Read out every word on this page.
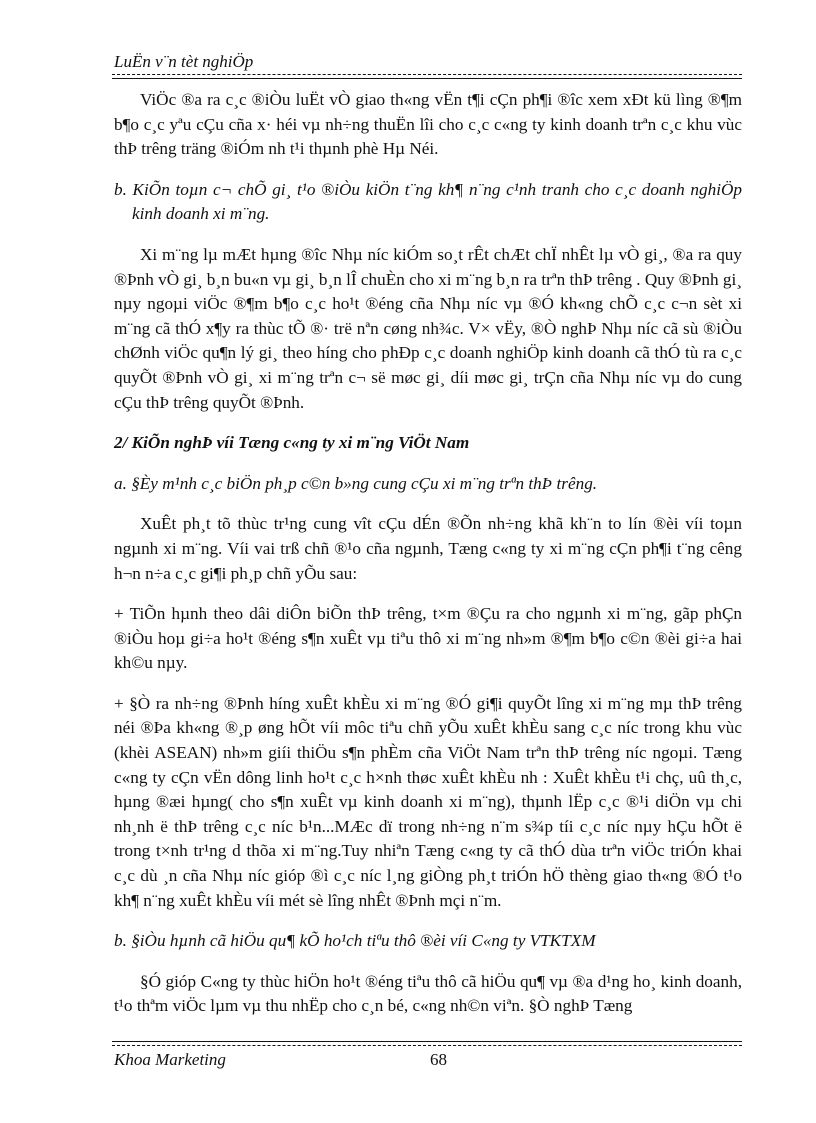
LuËn v¨n tèt nghiÖp

ViÖc ®a ra c¸c ®iÒu luËt vÒ giao th«ng vËn t¶i cÇn ph¶i ®îc xem xÐt kü lìng ®¶m b¶o c¸c yªu cÇu cña x· héi vµ nh÷ng thuËn lîi cho c¸c c«ng ty kinh doanh trªn c¸c khu vùc thÞ trêng träng ®iÓm nh t¹i thµnh phè Hµ Néi.

b. KiÕn toµn c¬ chÕ gi¸ t¹o ®iÒu kiÖn t¨ng kh¶ n¨ng c¹nh tranh cho c¸c doanh nghiÖp kinh doanh xi m¨ng.

Xi m¨ng lµ mÆt hµng ®îc Nhµ níc kiÓm so¸t rÊt chÆt chÏ nhÊt lµ vÒ gi¸, ®a ra quy ®Þnh vÒ gi¸ b¸n bu«n vµ gi¸ b¸n lÎ chuÈn cho xi m¨ng b¸n ra trªn thÞ trêng . Quy ®Þnh gi¸ nµy ngoµi viÖc ®¶m b¶o c¸c ho¹t ®éng cña Nhµ níc vµ ®Ó kh«ng chÕ c¸c c¬n sèt xi m¨ng cã thÓ x¶y ra thùc tÕ ®· trë nªn cøng nh¾c. V× vËy, ®Ò nghÞ Nhµ níc cã sù ®iÒu chØnh viÖc qu¶n lý gi¸ theo híng cho phÐp c¸c doanh nghiÖp kinh doanh cã thÓ tù ra c¸c quyÕt ®Þnh vÒ gi¸ xi m¨ng trªn c¬ së møc gi¸ díi møc gi¸ trÇn cña Nhµ níc vµ do cung cÇu thÞ trêng quyÕt ®Þnh.

2/ KiÕn nghÞ víi Tæng c«ng ty xi m¨ng ViÖt Nam

a. §Èy m¹nh c¸c biÖn ph¸p c©n b»ng cung cÇu xi m¨ng trªn thÞ trêng.

XuÊt ph¸t tõ thùc tr¹ng cung vît cÇu dÉn ®Õn nh÷ng khã kh¨n to lín ®èi víi toµn ngµnh xi m¨ng. Víi vai trß chñ ®¹o cña ngµnh, Tæng c«ng ty xi m¨ng cÇn ph¶i t¨ng cêng h¬n n÷a c¸c gi¶i ph¸p chñ yÕu sau:

+ TiÕn hµnh theo dâi diÔn biÕn thÞ trêng, t×m ®Çu ra cho ngµnh xi m¨ng, gãp phÇn ®iÒu hoµ gi÷a ho¹t ®éng s¶n xuÊt vµ tiªu thô xi m¨ng nh»m ®¶m b¶o c©n ®èi gi÷a hai kh©u nµy.

+ §Ò ra nh÷ng ®Þnh híng xuÊt khÈu xi m¨ng ®Ó gi¶i quyÕt lîng xi m¨ng mµ thÞ trêng néi ®Þa kh«ng ®¸p øng hÕt víi môc tiªu chñ yÕu xuÊt khÈu sang c¸c níc trong khu vùc (khèi ASEAN) nh»m giíi thiÖu s¶n phÈm cña ViÖt Nam trªn thÞ trêng níc ngoµi. Tæng c«ng ty cÇn vËn dông linh ho¹t c¸c h×nh thøc xuÊt khÈu nh : XuÊt khÈu t¹i chç, uû th¸c, hµng ®æi hµng( cho s¶n xuÊt vµ kinh doanh xi m¨ng), thµnh lËp c¸c ®¹i diÖn vµ chi nh¸nh ë thÞ trêng c¸c níc b¹n...MÆc dï trong nh÷ng n¨m s¾p tíi c¸c níc nµy hÇu hÕt ë trong t×nh tr¹ng d thõa xi m¨ng.Tuy nhiªn Tæng c«ng ty cã thÓ dùa trªn viÖc triÓn khai c¸c dù ¸n cña Nhµ níc gióp ®ì c¸c níc l¸ng giÒng ph¸t triÓn hÖ thèng giao th«ng ®Ó t¹o kh¶ n¨ng xuÊt khÈu víi mét sè lîng nhÊt ®Þnh mçi n¨m.

b. §iÒu hµnh cã hiÖu qu¶ kÕ ho¹ch tiªu thô ®èi víi C«ng ty VTKTXM

§Ó gióp C«ng ty thùc hiÖn ho¹t ®éng tiªu thô cã hiÖu qu¶ vµ ®a d¹ng ho¸ kinh doanh, t¹o thªm viÖc lµm vµ thu nhËp cho c¸n bé, c«ng nh©n viªn. §Ò nghÞ Tæng

Khoa Marketing	68
